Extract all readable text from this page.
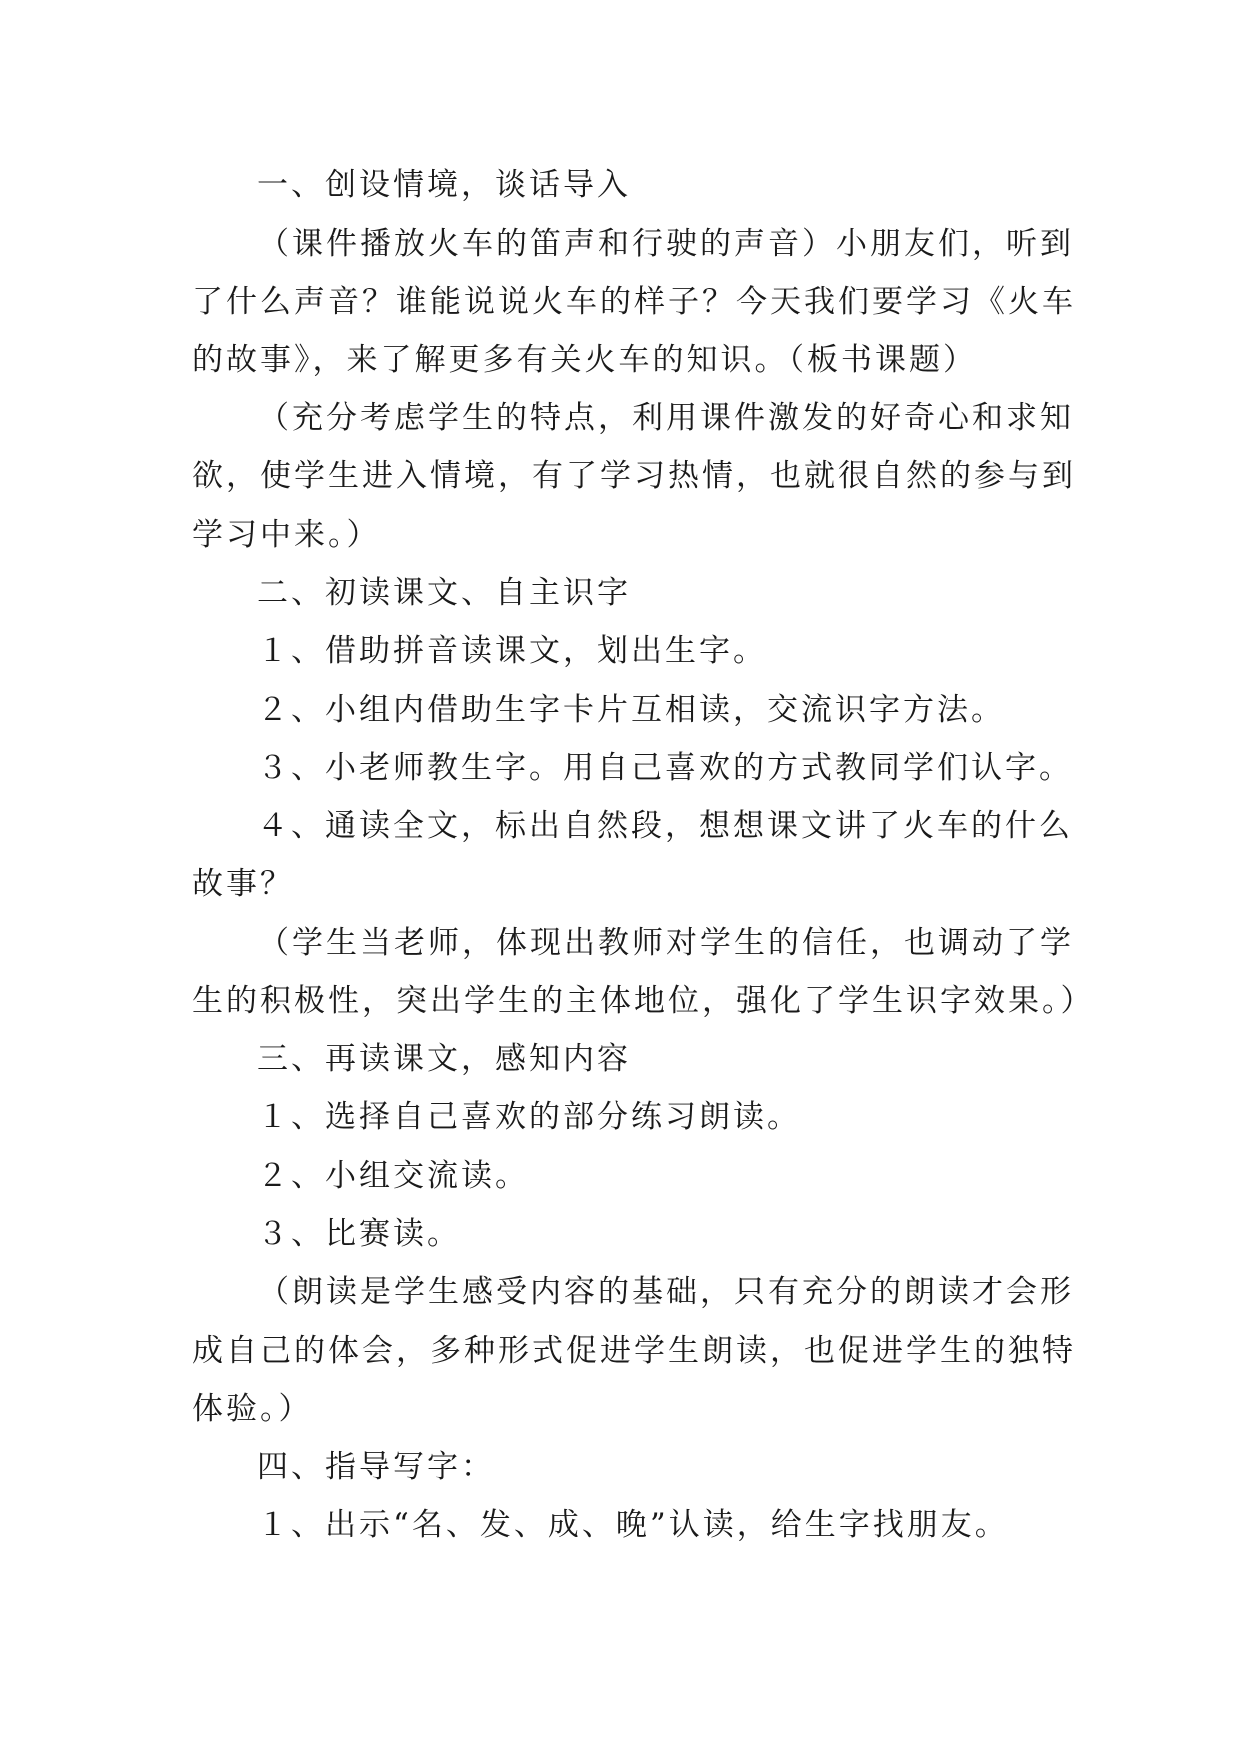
一、创设情境，谈话导入
（课件播放火车的笛声和行驶的声音）小朋友们，听到
了什么声音？谁能说说火车的样子？今天我们要学习《火车
的故事》，来了解更多有关火车的知识。（板书课题）
（充分考虑学生的特点，利用课件激发的好奇心和求知
欲，使学生进入情境，有了学习热情，也就很自然的参与到
学习中来。）
二、初读课文、自主识字
１、借助拼音读课文，划出生字。
２、小组内借助生字卡片互相读，交流识字方法。
３、小老师教生字。用自己喜欢的方式教同学们认字。
４、通读全文，标出自然段，想想课文讲了火车的什么
故事？
（学生当老师，体现出教师对学生的信任，也调动了学
生的积极性，突出学生的主体地位，强化了学生识字效果。）
三、再读课文，感知内容
１、选择自己喜欢的部分练习朗读。
２、小组交流读。
３、比赛读。
（朗读是学生感受内容的基础，只有充分的朗读才会形
成自己的体会，多种形式促进学生朗读，也促进学生的独特
体验。）
四、指导写字：
１、出示“名、发、成、晚”认读，给生字找朋友。
